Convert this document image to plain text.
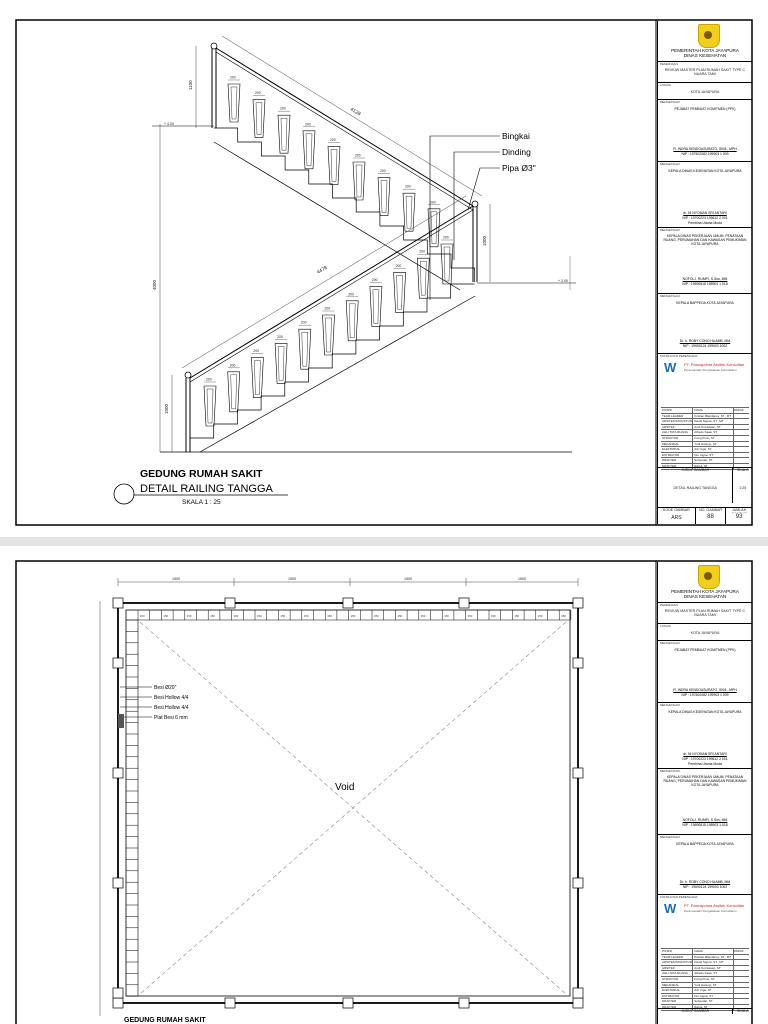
200
200
200
200
200
200
200
200
200
200
200
200
200
200
200
200
200
200
200
200
4128
4478
1100
4000
1000
1000
+ 4.00
+ 2.00
Bingkai
Dinding
Pipa Ø3"
GEDUNG RUMAH SAKIT
DETAIL RAILING TANGGA
SKALA 1 : 25
PEMERINTAH KOTA JAYAPURA
DINAS KESEHATAN
PEKERJAAN
REVIUW MASTER PLAN RUMAH SAKIT TYPE C NUARA TAMI
LOKASI
KOTA JAYAPURA
MENGETAHUI
PEJABAT PEMBUAT KOMITMEN (PPK)
R. INDRA KENDOASURATO, SKM., MPH
NIP : 197502082 199903 1 009
MENGETAHUI
KEPALA DINAS KESEHATAN KOTA JAYAPURA
dr. NI NYOMAN SRI ANTARI
NIP : 19700223 199612 2 001
Pembina Utama Muda
MENGETAHUI
KEPALA DINAS PEKERJAAN UMUM, PENATAAN RUANG, PERUMAHAN DAN KAWASAN PEMUKIMAN KOTA JAYAPURA
NOFOLJ. RUMPI, S.Sos, MM
NIP : 19690818 198903 1 018
MENGETAHUI
KEPALA BAPPEDA KOTA JAYAPURA
Dr. h. ROBY CONO HUAMB, MM
NIP : 19690124 199003 1002
KONSULTAN PERENCANA
W	PT. Pancaprima Arsitek Konsultan
Perencanaan Pengawasan Konsultansi
POSISI	NAMA	PARAF
TEAM LEADER	Kristian Blandaney, ST., MT
ARSITEK/STRUKTUR Danel Sigura, ST., MT
ARSITEK	Andi Kurniawan, ST
AHLI TATA RUANG	Alfredo Kaaa, ST
STRUKTUR	Irving Pinto, ST
MEKANIKAL	Yudi Harsojo, ST
ELEKTRIKAL	Adi Yoga, ST
ESTIMATOR	Nur Ingrat, ST
DRAFTER	Suhendar, ST
DRAFTER	Ratna, ST
JUDUL GAMBAR	SKALA
DETAIL RAILING TANGGA	1:25
KODE GAMBAR	NO. GAMBAR	JUMLAH
ARS	88	93
1500	1500	1500	1500
150	150	150	150	150	150	150	150	150	150	150	150	150	150	150	150	150	150	150
Void
Besi Ø20"
Besi Hollow 4/4
Besi Hollow 4/4
Plat Besi 6 mm
GEDUNG RUMAH SAKIT
PEMERINTAH KOTA JAYAPURA
DINAS KESEHATAN
PEKERJAAN
REVIUW MASTER PLAN RUMAH SAKIT TYPE C NUARA TAMI
LOKASI
KOTA JAYAPURA
MENGETAHUI
PEJABAT PEMBUAT KOMITMEN (PPK)
R. INDRA KENDOASURATO, SKM., MPH
NIP : 197502082 199903 1 009
MENGETAHUI
KEPALA DINAS KESEHATAN KOTA JAYAPURA
dr. NI NYOMAN SRI ANTARI
NIP : 19700223 199612 2 001
Pembina Utama Muda
MENGETAHUI
KEPALA DINAS PEKERJAAN UMUM, PENATAAN RUANG, PERUMAHAN DAN KAWASAN PEMUKIMAN KOTA JAYAPURA
NOFOLJ. RUMPI, S.Sos, MM
NIP : 19690818 198903 1 018
MENGETAHUI
KEPALA BAPPEDA KOTA JAYAPURA
Dr. h. ROBY CONO HUAMB, MM
NIP : 19690124 199003 1002
KONSULTAN PERENCANA
W	PT. Pancaprima Arsitek Konsultan
Perencanaan Pengawasan Konsultansi
POSISI	NAMA	PARAF
TEAM LEADER	Kristian Blandaney, ST., MT
ARSITEK/STRUKTUR Danel Sigura, ST., MT
ARSITEK	Andi Kurniawan, ST
AHLI TATA RUANG	Alfredo Kaaa, ST
STRUKTUR	Irving Pinto, ST
MEKANIKAL	Yudi Harsojo, ST
ELEKTRIKAL	Adi Yoga, ST
ESTIMATOR	Nur Ingrat, ST
DRAFTER	Suhendar, ST
DRAFTER	Ratna, ST
JUDUL GAMBAR	SKALA
